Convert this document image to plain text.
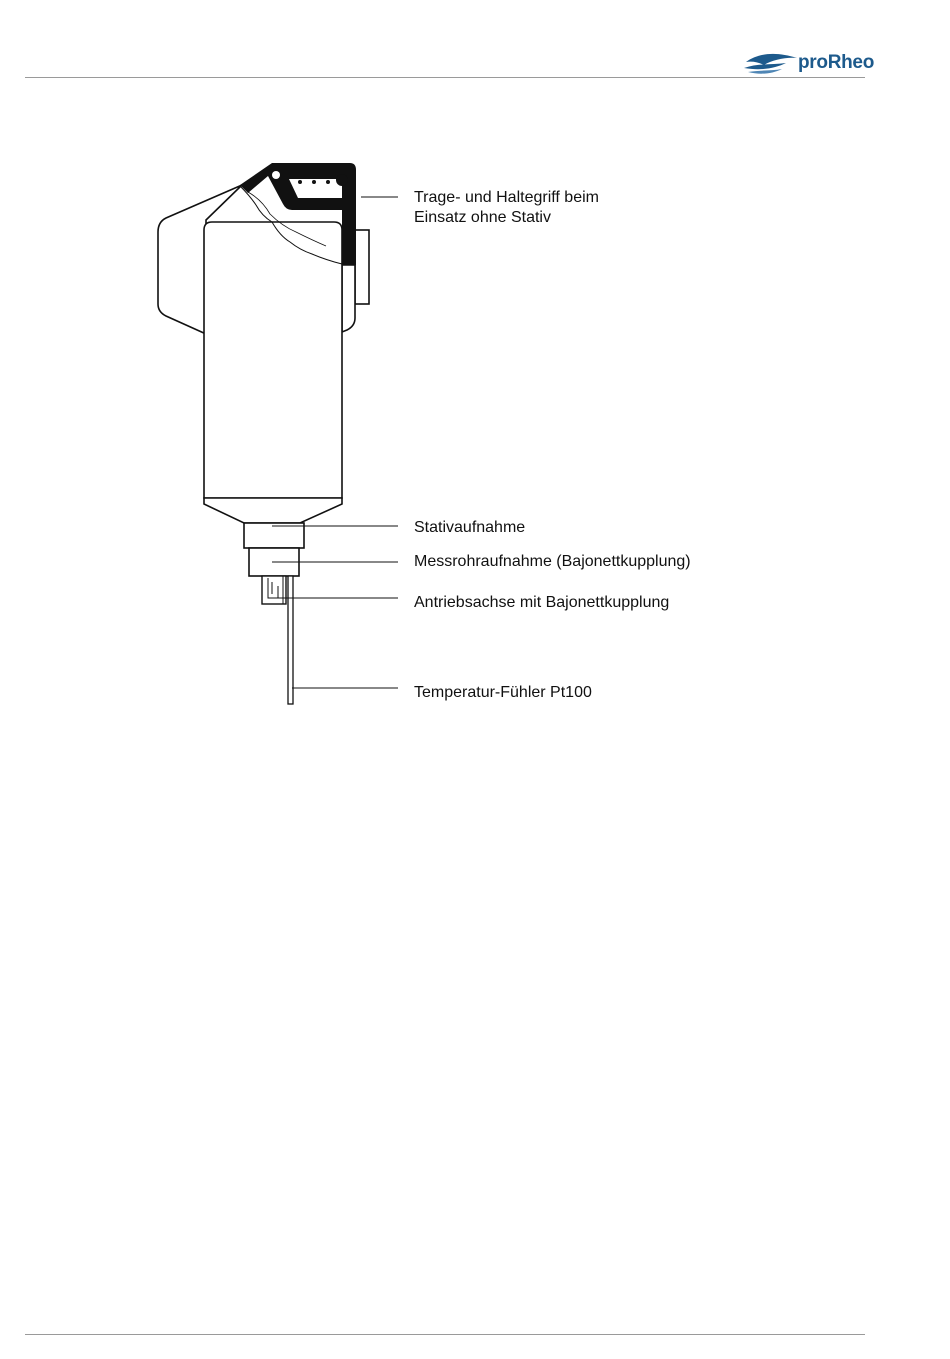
proRheo
Trage- und Haltegriff beim
Einsatz ohne Stativ
Stativaufnahme
Messrohraufnahme (Bajonettkupplung)
Antriebsachse mit Bajonettkupplung
Temperatur-Fühler Pt100
